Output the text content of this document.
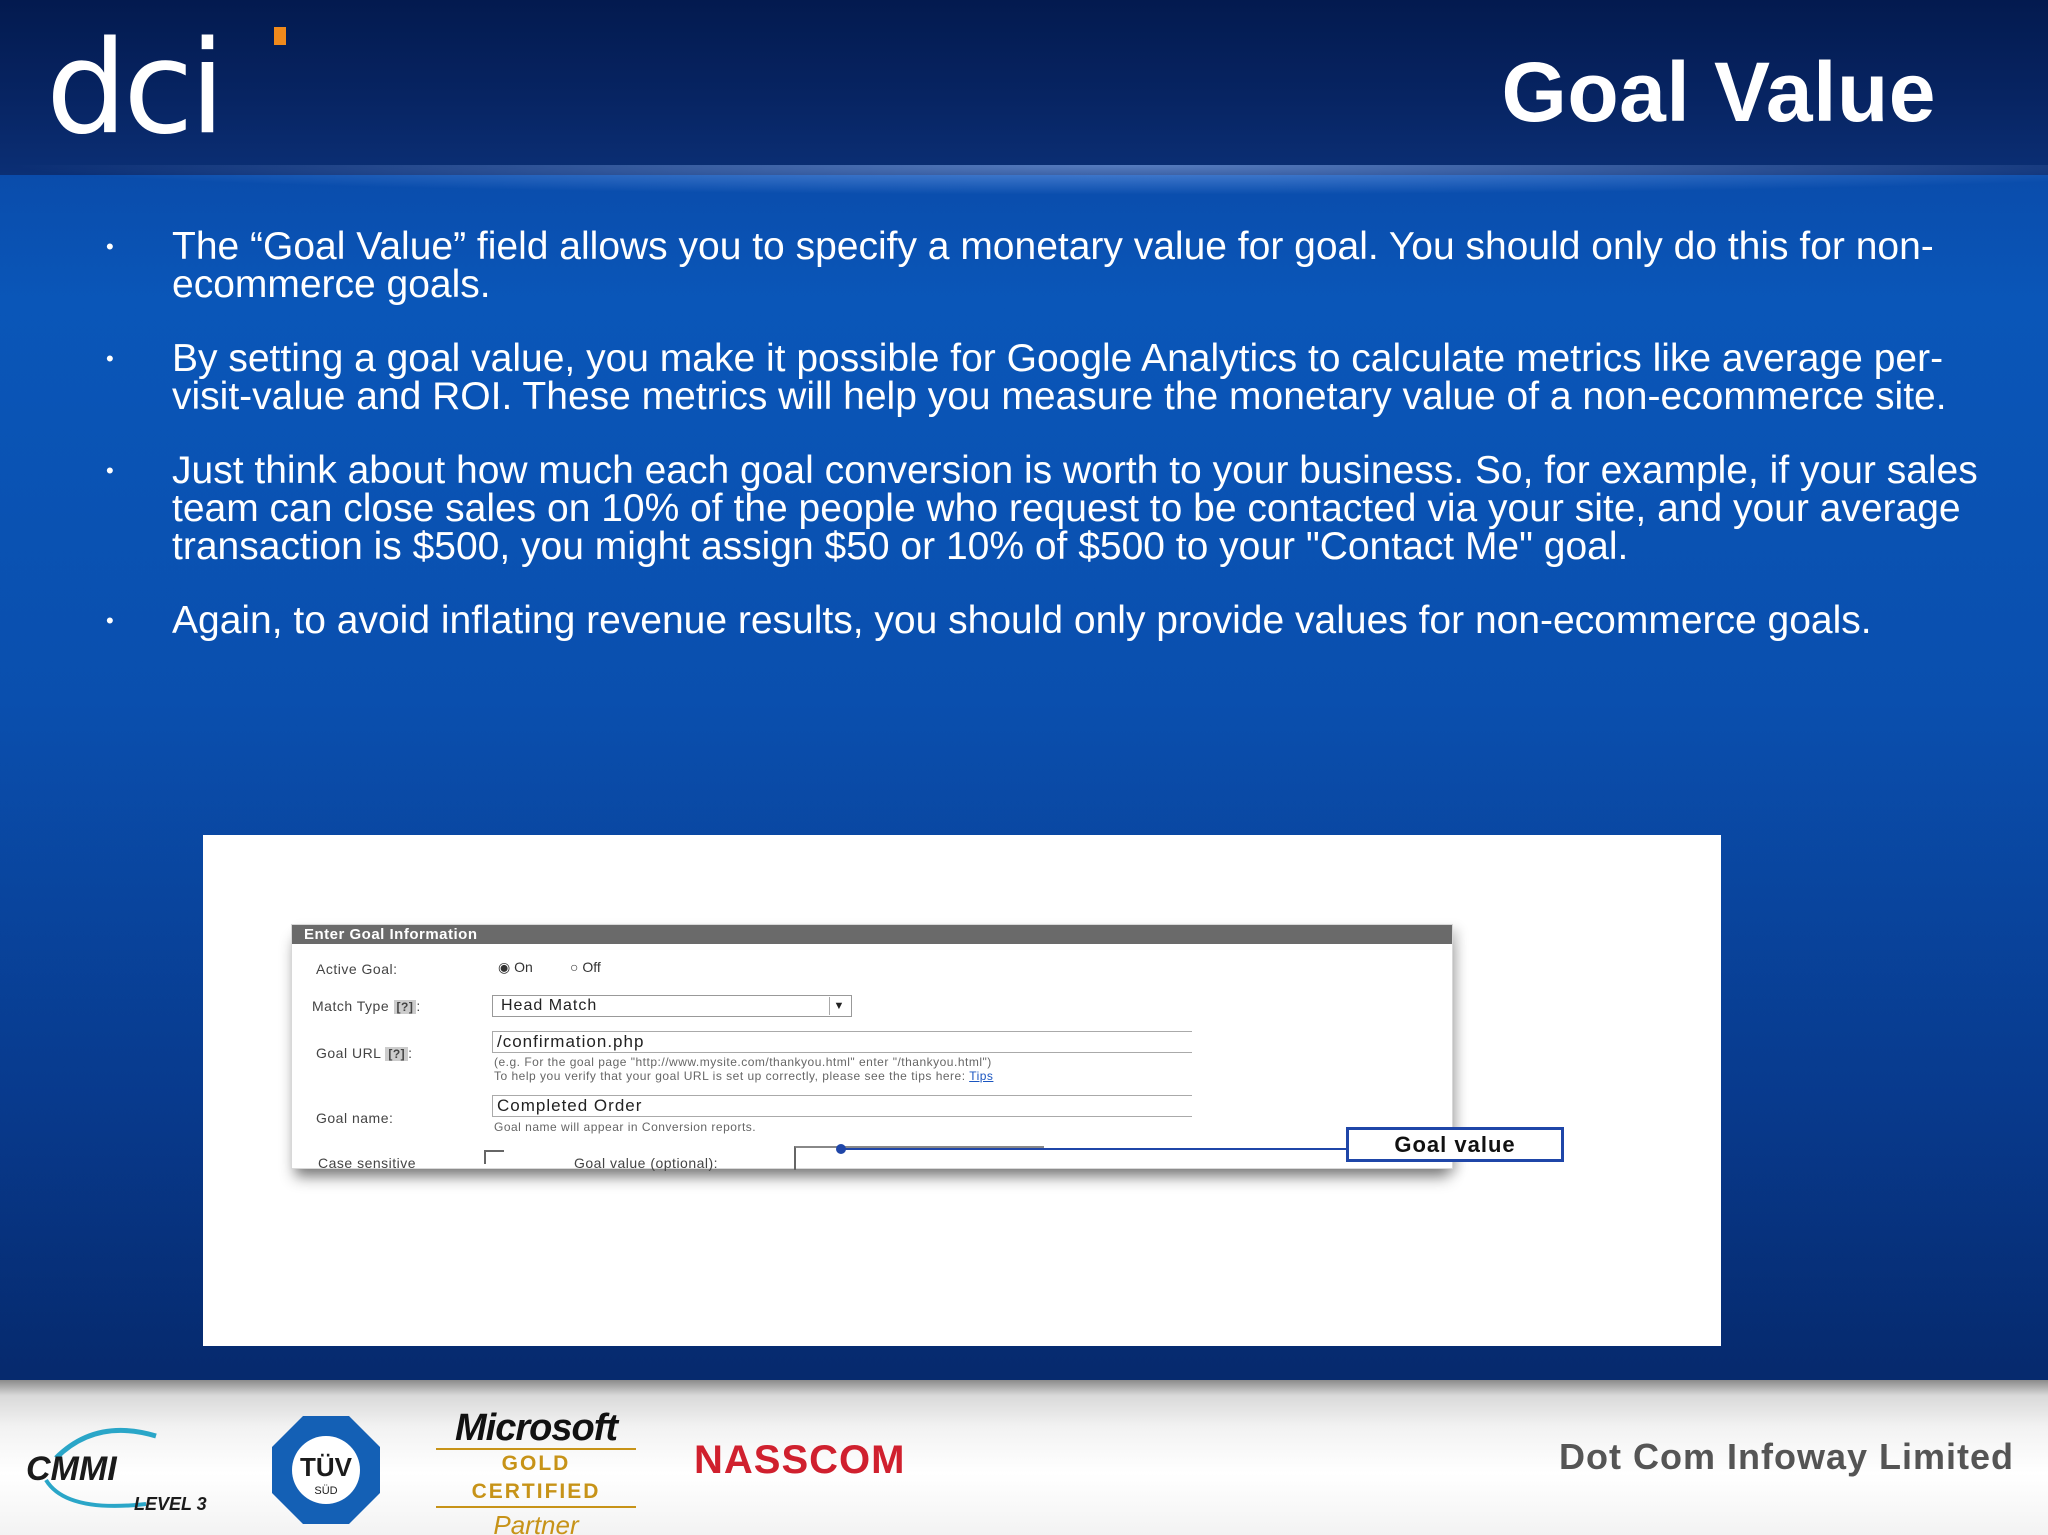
dci	Goal Value
• The “Goal Value” field allows you to specify a monetary value for goal. You should only do this for non-ecommerce goals.
• By setting a goal value, you make it possible for Google Analytics to calculate metrics like average per-visit-value and ROI. These metrics will help you measure the monetary value of a non-ecommerce site.
• Just think about how much each goal conversion is worth to your business. So, for example, if your sales team can close sales on 10% of the people who request to be contacted via your site, and your average transaction is $500, you might assign $50 or 10% of $500 to your "Contact Me" goal.
• Again, to avoid inflating revenue results, you should only provide values for non-ecommerce goals.
Enter Goal Information
Active Goal:	◉ On	○ Off
Match Type [?] :	Head Match	▼
Goal URL [?] :
/confirmation.php
(e.g. For the goal page "http://www.mysite.com/thankyou.html" enter "/thankyou.html")
To help you verify that your goal URL is set up correctly, please see the tips here: Tips
Goal name:
Completed Order
Goal name will appear in Conversion reports.
Case sensitive	Goal value (optional):
Goal value
CMMI
LEVEL 3
TÜV
SÜD
Microsoft
GOLD CERTIFIED
Partner
NASSCOM	Dot Com Infoway Limited
